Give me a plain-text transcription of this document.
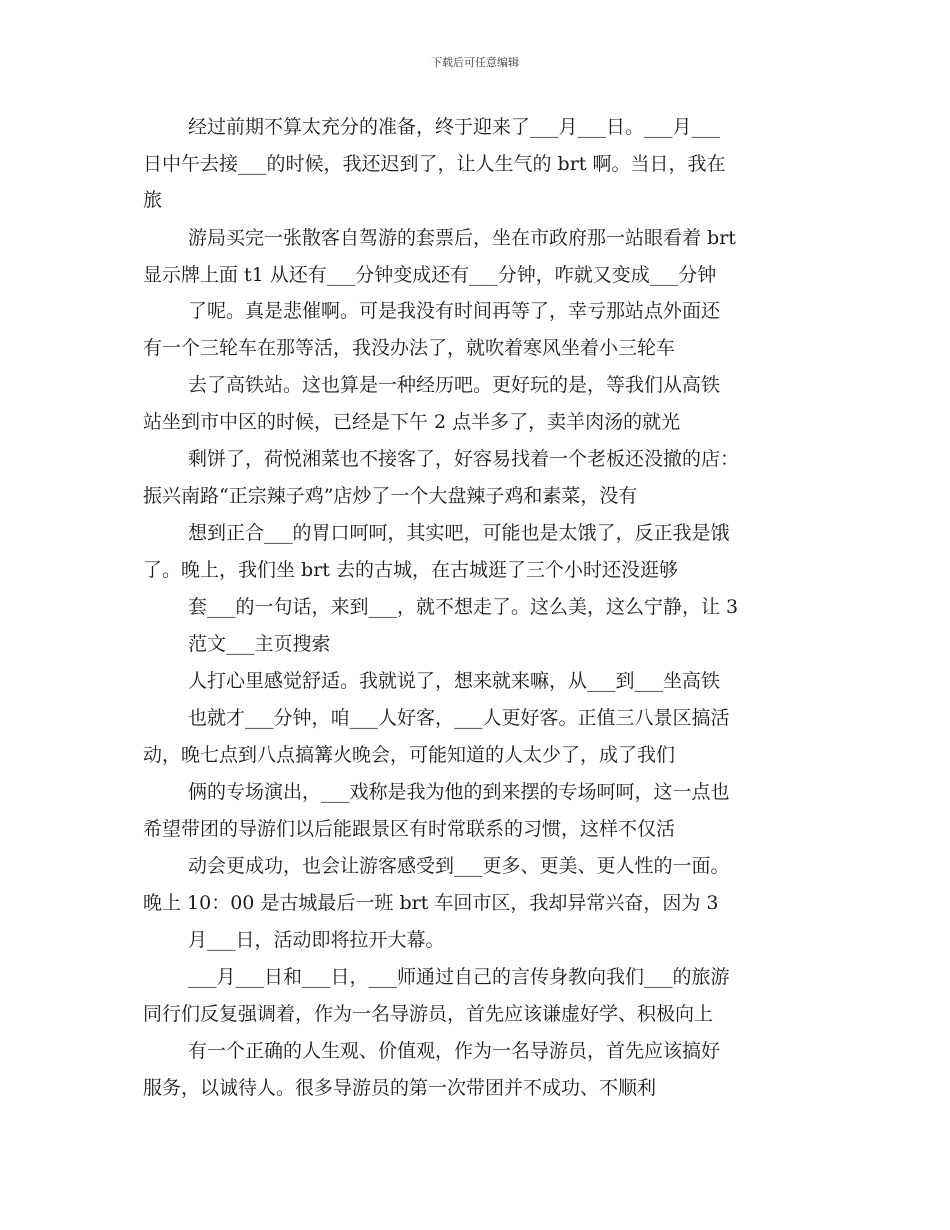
下载后可任意编辑
经过前期不算太充分的准备，终于迎来了___月___日。___月___
日中午去接___的时候，我还迟到了，让人生气的 brt 啊。当日，我在
旅
游局买完一张散客自驾游的套票后，坐在市政府那一站眼看着 brt
显示牌上面 t1 从还有___分钟变成还有___分钟，咋就又变成___分钟
了呢。真是悲催啊。可是我没有时间再等了，幸亏那站点外面还
有一个三轮车在那等活，我没办法了，就吹着寒风坐着小三轮车
去了高铁站。这也算是一种经历吧。更好玩的是，等我们从高铁
站坐到市中区的时候，已经是下午 2 点半多了，卖羊肉汤的就光
剩饼了，荷悦湘菜也不接客了，好容易找着一个老板还没撤的店：
振兴南路“正宗辣子鸡”店炒了一个大盘辣子鸡和素菜，没有
想到正合___的胃口呵呵，其实吧，可能也是太饿了，反正我是饿
了。晚上，我们坐 brt 去的古城，在古城逛了三个小时还没逛够
套___的一句话，来到___，就不想走了。这么美，这么宁静，让 3
范文___主页搜索
人打心里感觉舒适。我就说了，想来就来嘛，从___到___坐高铁
也就才___分钟，咱___人好客，___人更好客。正值三八景区搞活
动，晚七点到八点搞篝火晚会，可能知道的人太少了，成了我们
俩的专场演出，___戏称是我为他的到来摆的专场呵呵，这一点也
希望带团的导游们以后能跟景区有时常联系的习惯，这样不仅活
动会更成功，也会让游客感受到___更多、更美、更人性的一面。
晚上 10：00 是古城最后一班 brt 车回市区，我却异常兴奋，因为 3
月___日，活动即将拉开大幕。
___月___日和___日，___师通过自己的言传身教向我们___的旅游
同行们反复强调着，作为一名导游员，首先应该谦虚好学、积极向上
有一个正确的人生观、价值观，作为一名导游员，首先应该搞好
服务，以诚待人。很多导游员的第一次带团并不成功、不顺利
